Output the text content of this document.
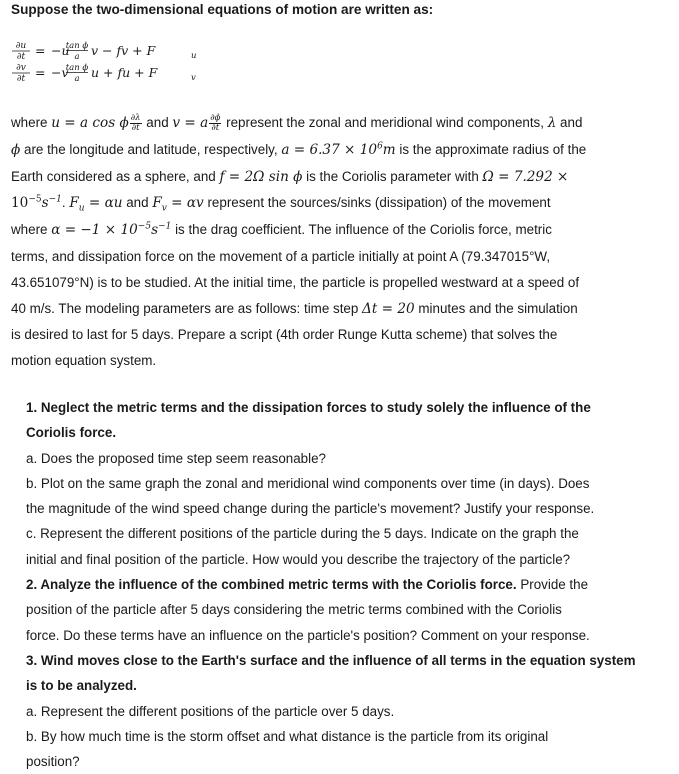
Suppose the two-dimensional equations of motion are written as:
∂u
∂t = −u
tan ϕ
a v − fv + F	u
∂v
∂t = −v
tan ϕ
a u + fu + F	v

where u = a cos ϕ $\frac{\partial\lambda}{\partial t}$ and v = a $\frac{\partial\phi}{\partial t}$ represent the zonal and meridional wind components, λ and

ϕ are the longitude and latitude, respectively, $a = 6.37 \times 10^6m$ is the approximate radius of the

Earth considered as a sphere, and f = 2Ω sin ϕ is the Coriolis parameter with Ω = 7.292 ×

$10^{-5}s^{-1}$. $F_u = \alpha u$ and $F_v = \alpha v$ represent the sources/sinks (dissipation) of the movement

where $\alpha = -1 \times 10^{-5}s^{-1}$ is the drag coefficient. The influence of the Coriolis force, metric

terms, and dissipation force on the movement of a particle initially at point A (79.347015°W,

43.651079°N) is to be studied. At the initial time, the particle is propelled westward at a speed of

40 m/s. The modeling parameters are as follows: time step Δt = 20 minutes and the simulation

is desired to last for 5 days. Prepare a script (4th order Runge Kutta scheme) that solves the

motion equation system.

1. Neglect the metric terms and the dissipation forces to study solely the influence of the

Coriolis force.

a. Does the proposed time step seem reasonable?

b. Plot on the same graph the zonal and meridional wind components over time (in days). Does

the magnitude of the wind speed change during the particle's movement? Justify your response.

c. Represent the different positions of the particle during the 5 days. Indicate on the graph the

initial and final position of the particle. How would you describe the trajectory of the particle?

2. Analyze the influence of the combined metric terms with the Coriolis force. Provide the

position of the particle after 5 days considering the metric terms combined with the Coriolis

force. Do these terms have an influence on the particle's position? Comment on your response.

3. Wind moves close to the Earth's surface and the influence of all terms in the equation system

is to be analyzed.

a. Represent the different positions of the particle over 5 days.

b. By how much time is the storm offset and what distance is the particle from its original

position?
